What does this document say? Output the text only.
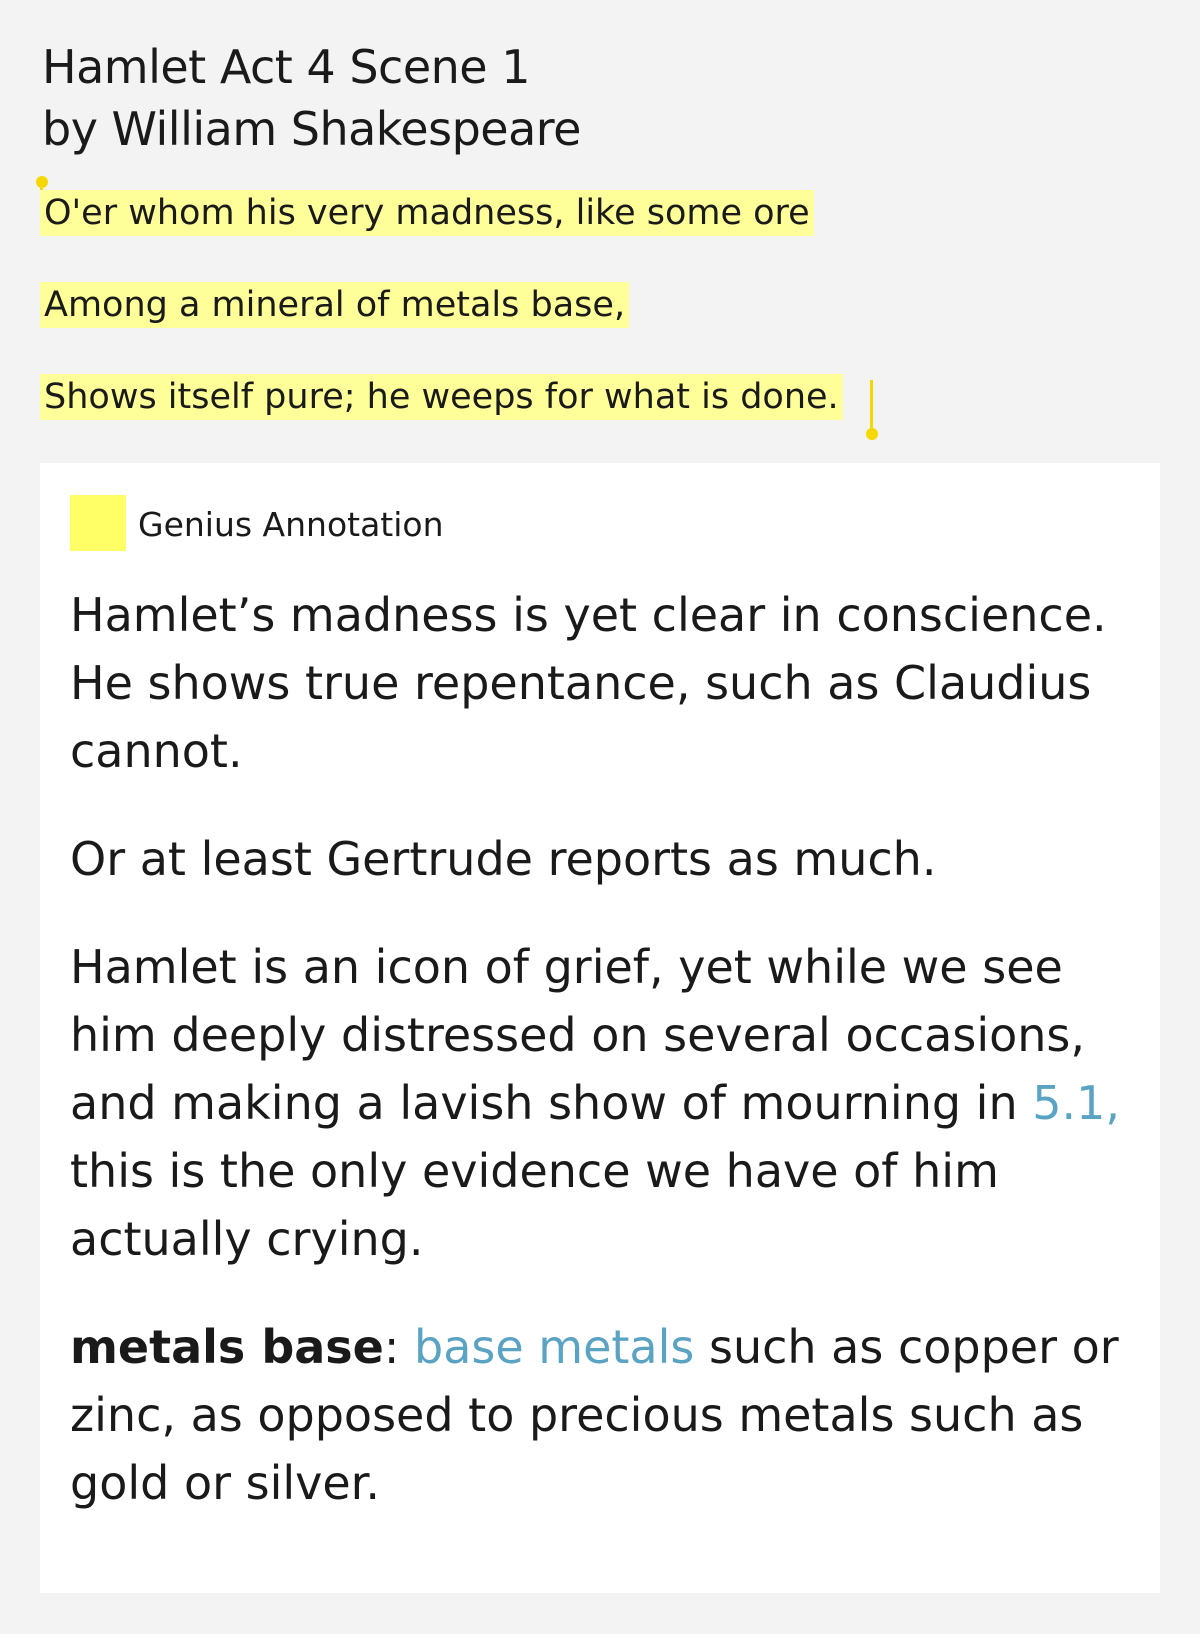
Hamlet Act 4 Scene 1
by William Shakespeare
O'er whom his very madness, like some ore
Among a mineral of metals base,
Shows itself pure; he weeps for what is done.
Genius Annotation

Hamlet’s madness is yet clear in conscience. He shows true repentance, such as Claudius cannot.

Or at least Gertrude reports as much.

Hamlet is an icon of grief, yet while we see him deeply distressed on several occasions, and making a lavish show of mourning in 5.1, this is the only evidence we have of him actually crying.

metals base: base metals such as copper or zinc, as opposed to precious metals such as gold or silver.
